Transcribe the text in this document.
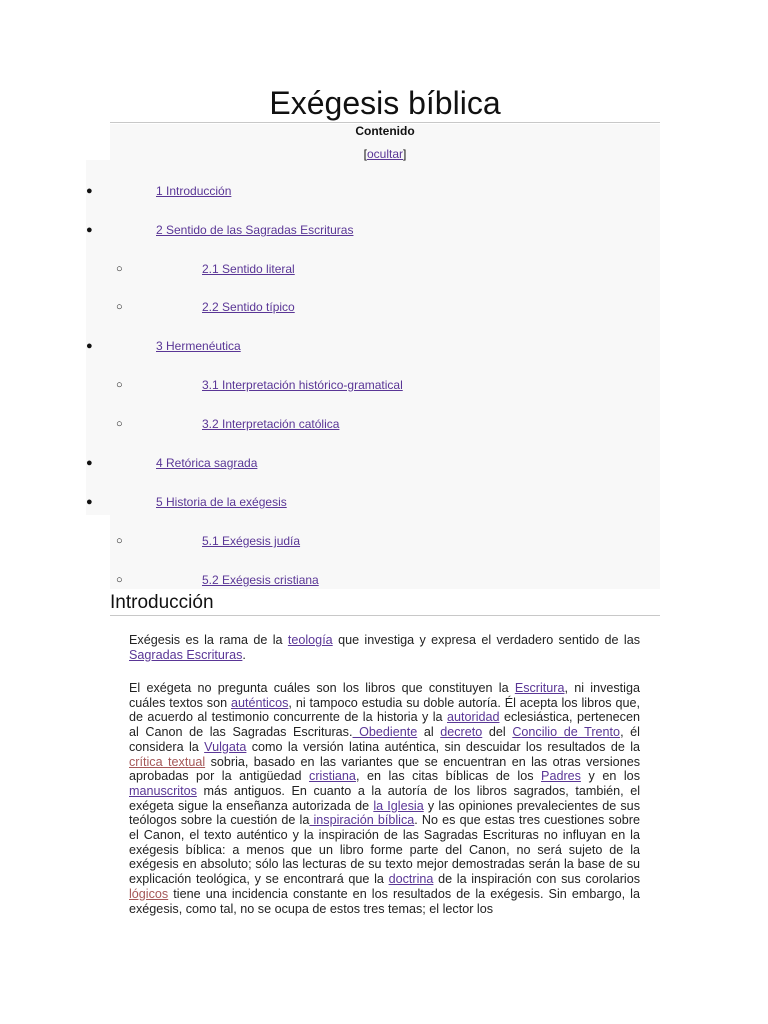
Exégesis bíblica
Contenido
[ocultar]
●	1 Introducción
●	2 Sentido de las Sagradas Escrituras
○	2.1 Sentido literal
○	2.2 Sentido típico
●	3 Hermenéutica
○	3.1 Interpretación histórico-gramatical
○	3.2 Interpretación católica
●	4 Retórica sagrada
●	5 Historia de la exégesis
○	5.1 Exégesis judía
○	5.2 Exégesis cristiana
Introducción

Exégesis es la rama de la teología que investiga y expresa el verdadero sentido de las Sagradas Escrituras.

El exégeta no pregunta cuáles son los libros que constituyen la Escritura, ni investiga cuáles textos son auténticos, ni tampoco estudia su doble autoría. Él acepta los libros que, de acuerdo al testimonio concurrente de la historia y la autoridad eclesiástica, pertenecen al Canon de las Sagradas Escrituras. Obediente al decreto del Concilio de Trento, él considera la Vulgata como la versión latina auténtica, sin descuidar los resultados de la crítica textual sobria, basado en las variantes que se encuentran en las otras versiones aprobadas por la antigüedad cristiana, en las citas bíblicas de los Padres y en los manuscritos más antiguos. En cuanto a la autoría de los libros sagrados, también, el exégeta sigue la enseñanza autorizada de la Iglesia y las opiniones prevalecientes de sus teólogos sobre la cuestión de la inspiración bíblica. No es que estas tres cuestiones sobre el Canon, el texto auténtico y la inspiración de las Sagradas Escrituras no influyan en la exégesis bíblica: a menos que un libro forme parte del Canon, no será sujeto de la exégesis en absoluto; sólo las lecturas de su texto mejor demostradas serán la base de su explicación teológica, y se encontrará que la doctrina de la inspiración con sus corolarios lógicos tiene una incidencia constante en los resultados de la exégesis. Sin embargo, la exégesis, como tal, no se ocupa de estos tres temas; el lector los
